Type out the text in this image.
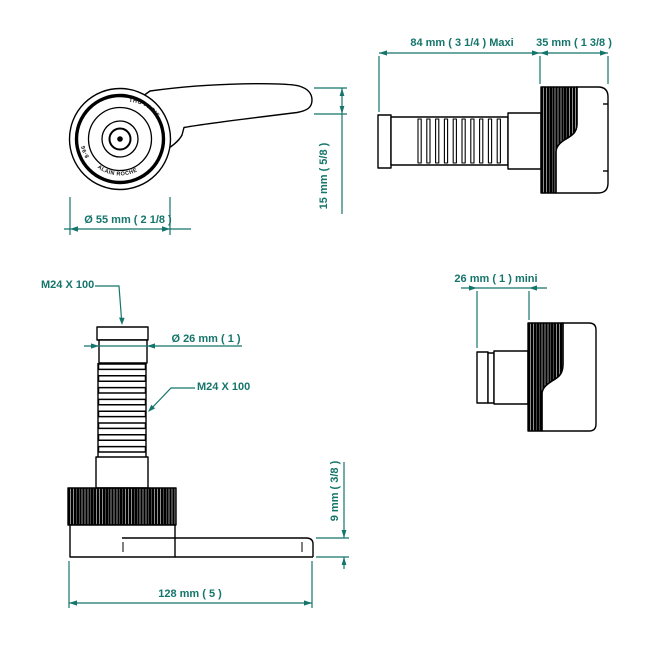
THG PARIS
ALAIN ROCHE
8-96
Ø 55 mm ( 2 1/8 )
15 mm ( 5/8 )
84 mm ( 3 1/4 ) Maxi	35 mm ( 1 3/8 )
M24 X 100
Ø 26 mm ( 1 )
M24 X 100
9 mm ( 3/8 )
128 mm ( 5 )
26 mm ( 1 ) mini
